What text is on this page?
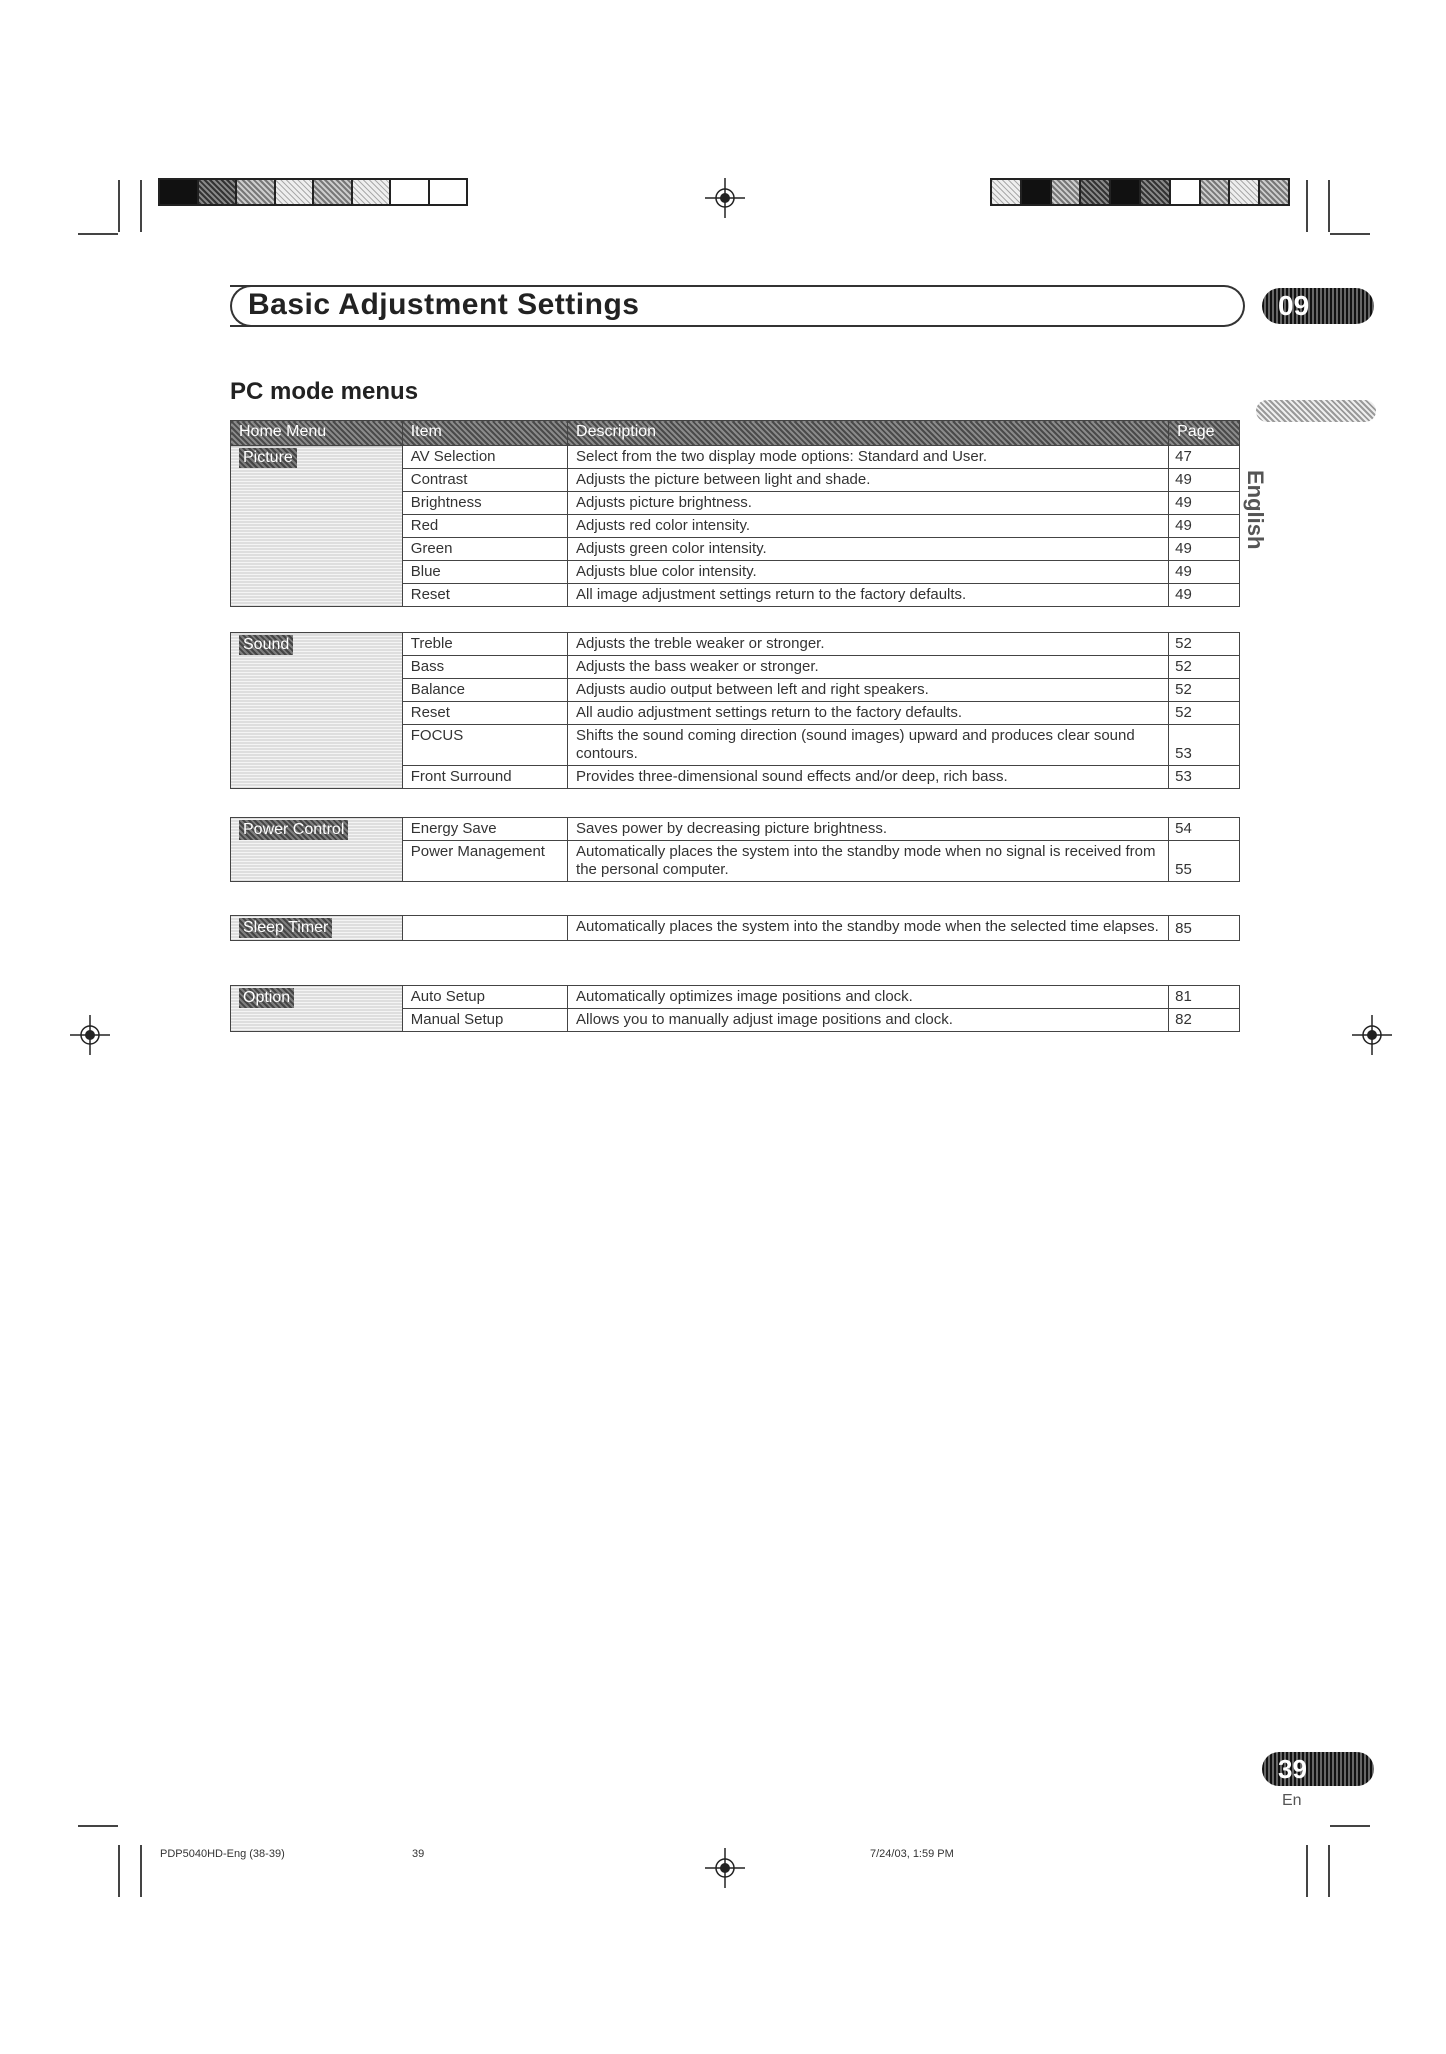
Basic Adjustment Settings	09
English
PC mode menus
Home Menu	Item	Description	Page
Picture	AV Selection	Select from the two display mode options: Standard and User.	47
	Contrast	Adjusts the picture between light and shade.	49
	Brightness	Adjusts picture brightness.	49
	Red	Adjusts red color intensity.	49
	Green	Adjusts green color intensity.	49
	Blue	Adjusts blue color intensity.	49
	Reset	All image adjustment settings return to the factory defaults.	49
Sound	Treble	Adjusts the treble weaker or stronger.	52
	Bass	Adjusts the bass weaker or stronger.	52
	Balance	Adjusts audio output between left and right speakers.	52
	Reset	All audio adjustment settings return to the factory defaults.	52
	FOCUS	Shifts the sound coming direction (sound images) upward and produces clear sound contours.	53
	Front Surround	Provides three-dimensional sound effects and/or deep, rich bass.	53
Power Control	Energy Save	Saves power by decreasing picture brightness.	54
	Power Management	Automatically places the system into the standby mode when no signal is received from the personal computer.	55
Sleep Timer		Automatically places the system into the standby mode when the selected time elapses.	85
Option	Auto Setup	Automatically optimizes image positions and clock.	81
	Manual Setup	Allows you to manually adjust image positions and clock.	82
39
En
PDP5040HD-Eng (38-39)	39	7/24/03, 1:59 PM
